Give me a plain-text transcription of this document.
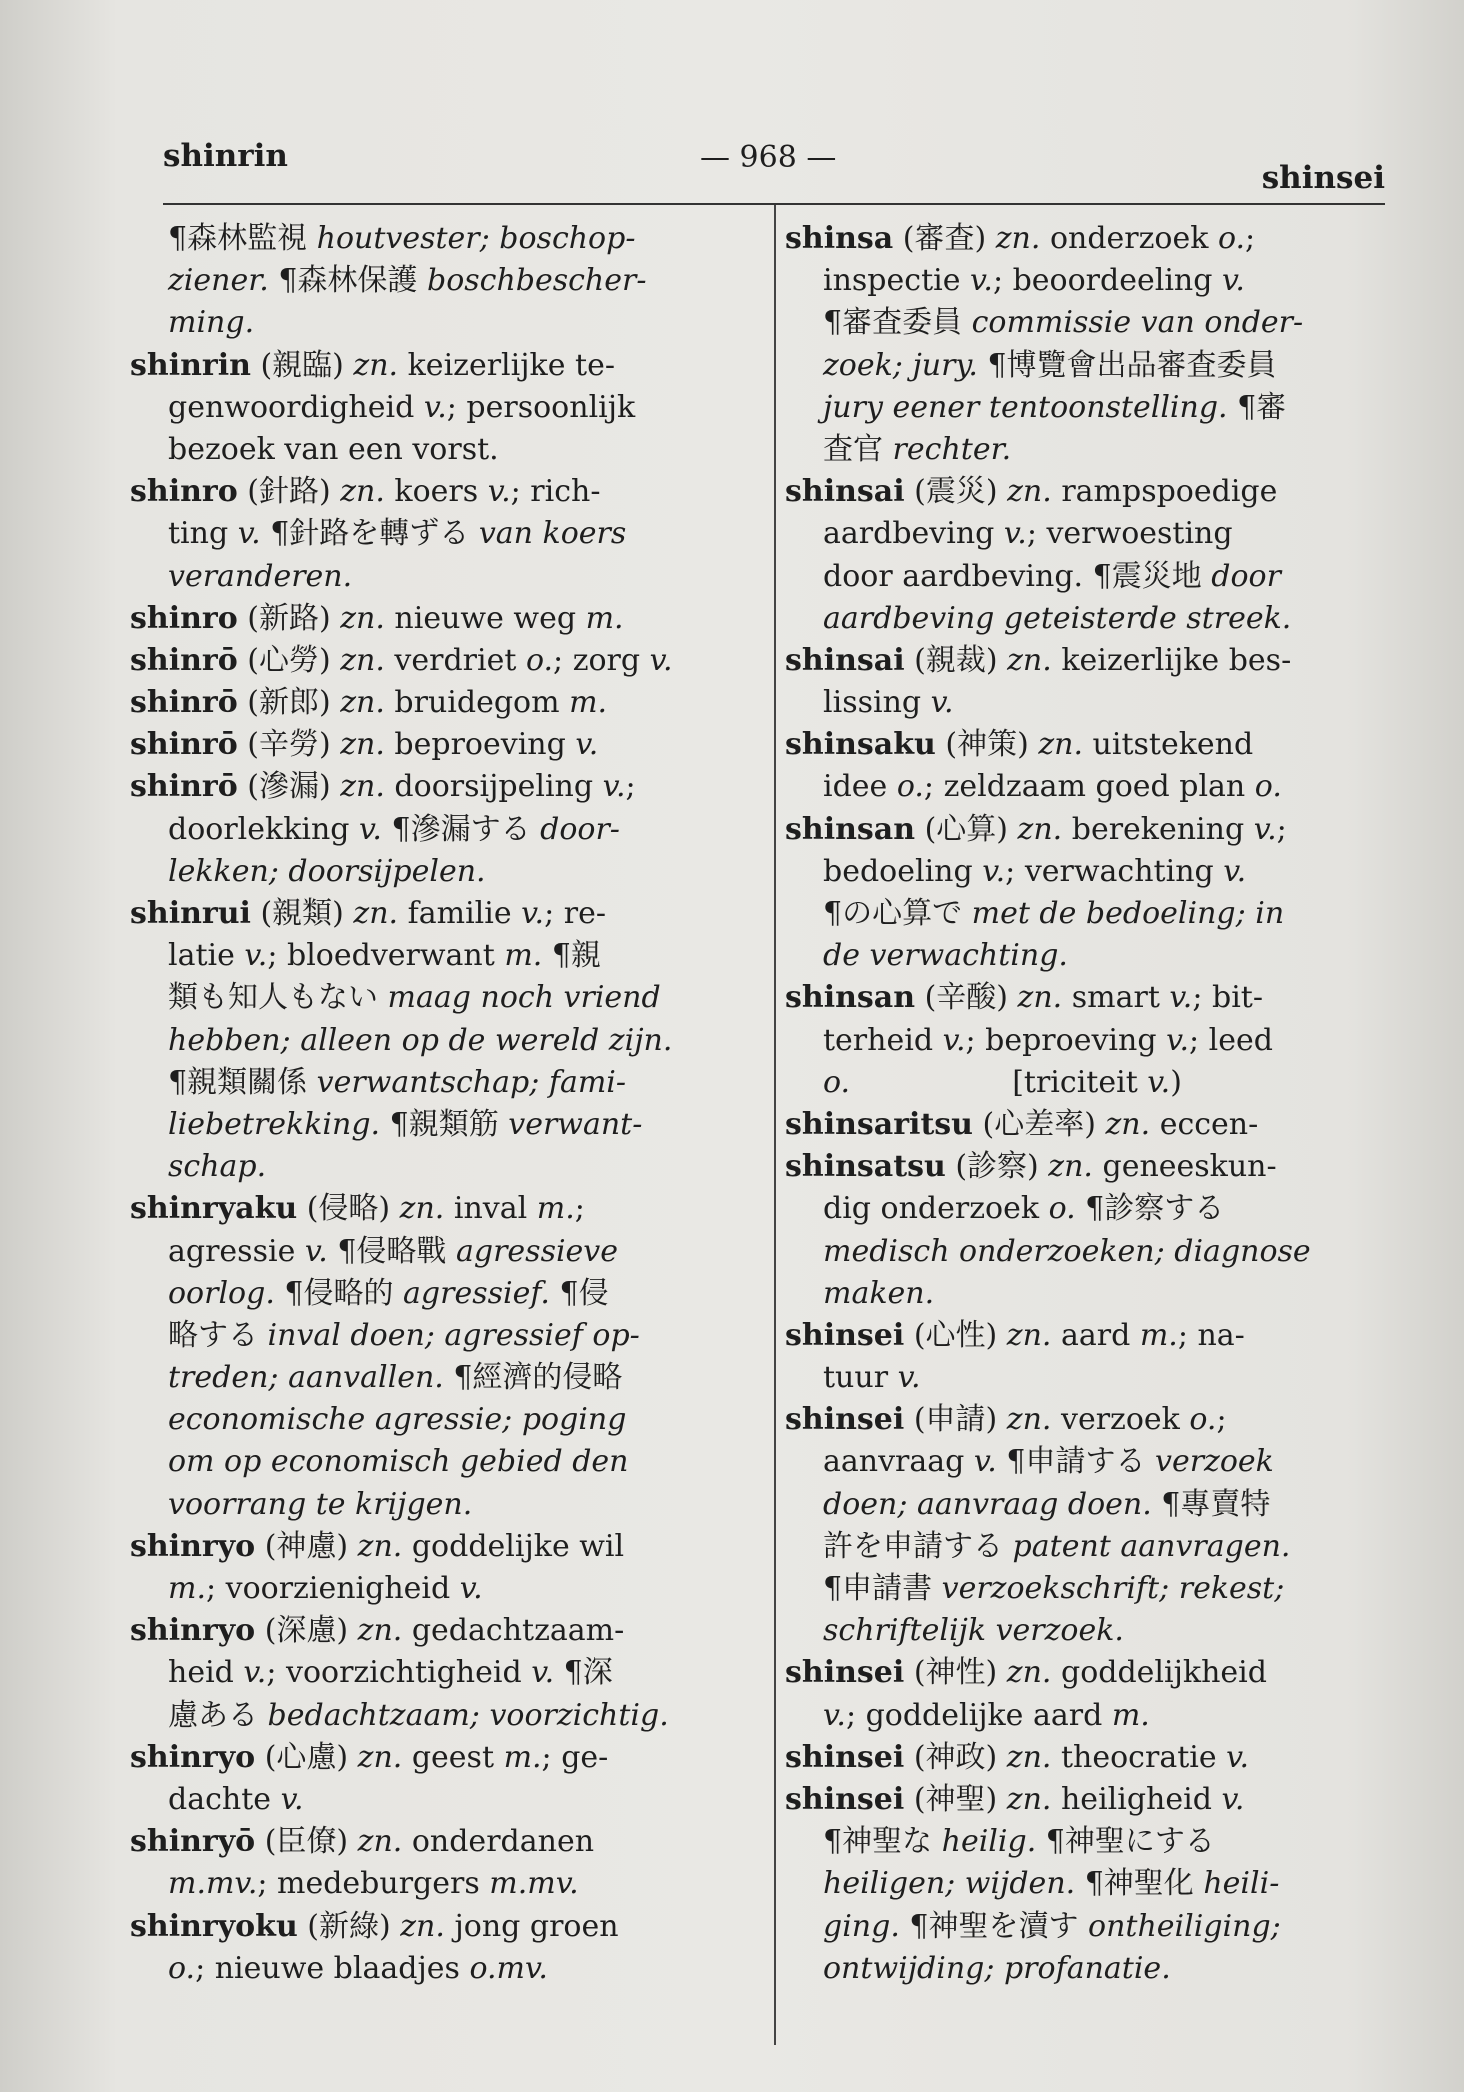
shinrin	— 968 —
shinsei
¶森林監視 houtvester; boschop-
ziener. ¶森林保護 boschbescher-
ming.
shinrin (親臨) zn. keizerlijke te-
genwoordigheid v.; persoonlijk
bezoek van een vorst.
shinro (針路) zn. koers v.; rich-
ting v. ¶針路を轉ずる van koers
veranderen.
shinro (新路) zn. nieuwe weg m.
shinrō (心勞) zn. verdriet o.; zorg v.
shinrō (新郎) zn. bruidegom m.
shinrō (辛勞) zn. beproeving v.
shinrō (滲漏) zn. doorsijpeling v.;
doorlekking v. ¶滲漏する door-
lekken; doorsijpelen.
shinrui (親類) zn. familie v.; re-
latie v.; bloedverwant m. ¶親
類も知人もない maag noch vriend
hebben; alleen op de wereld zijn.
¶親類關係 verwantschap; fami-
liebetrekking. ¶親類筋 verwant-
schap.
shinryaku (侵略) zn. inval m.;
agressie v. ¶侵略戰 agressieve
oorlog. ¶侵略的 agressief. ¶侵
略する inval doen; agressief op-
treden; aanvallen. ¶經濟的侵略
economische agressie; poging
om op economisch gebied den
voorrang te krijgen.
shinryo (神慮) zn. goddelijke wil
m.; voorzienigheid v.
shinryo (深慮) zn. gedachtzaam-
heid v.; voorzichtigheid v. ¶深
慮ある bedachtzaam; voorzichtig.
shinryo (心慮) zn. geest m.; ge-
dachte v.
shinryō (臣僚) zn. onderdanen
m.mv.; medeburgers m.mv.
shinryoku (新綠) zn. jong groen
o.; nieuwe blaadjes o.mv.
shinsa (審査) zn. onderzoek o.;
inspectie v.; beoordeeling v.
¶審査委員 commissie van onder-
zoek; jury. ¶博覽會出品審査委員
jury eener tentoonstelling. ¶審
査官 rechter.
shinsai (震災) zn. rampspoedige
aardbeving v.; verwoesting
door aardbeving. ¶震災地 door
aardbeving geteisterde streek.
shinsai (親裁) zn. keizerlijke bes-
lissing v.
shinsaku (神策) zn. uitstekend
idee o.; zeldzaam goed plan o.
shinsan (心算) zn. berekening v.;
bedoeling v.; verwachting v.
¶の心算で met de bedoeling; in
de verwachting.
shinsan (辛酸) zn. smart v.; bit-
terheid v.; beproeving v.; leed
o.                 [triciteit v.)
shinsaritsu (心差率) zn. eccen-
shinsatsu (診察) zn. geneeskun-
dig onderzoek o. ¶診察する
medisch onderzoeken; diagnose
maken.
shinsei (心性) zn. aard m.; na-
tuur v.
shinsei (申請) zn. verzoek o.;
aanvraag v. ¶申請する verzoek
doen; aanvraag doen. ¶專賣特
許を申請する patent aanvragen.
¶申請書 verzoekschrift; rekest;
schriftelijk verzoek.
shinsei (神性) zn. goddelijkheid
v.; goddelijke aard m.
shinsei (神政) zn. theocratie v.
shinsei (神聖) zn. heiligheid v.
¶神聖な heilig. ¶神聖にする
heiligen; wijden. ¶神聖化 heili-
ging. ¶神聖を瀆す ontheiliging;
ontwijding; profanatie.
